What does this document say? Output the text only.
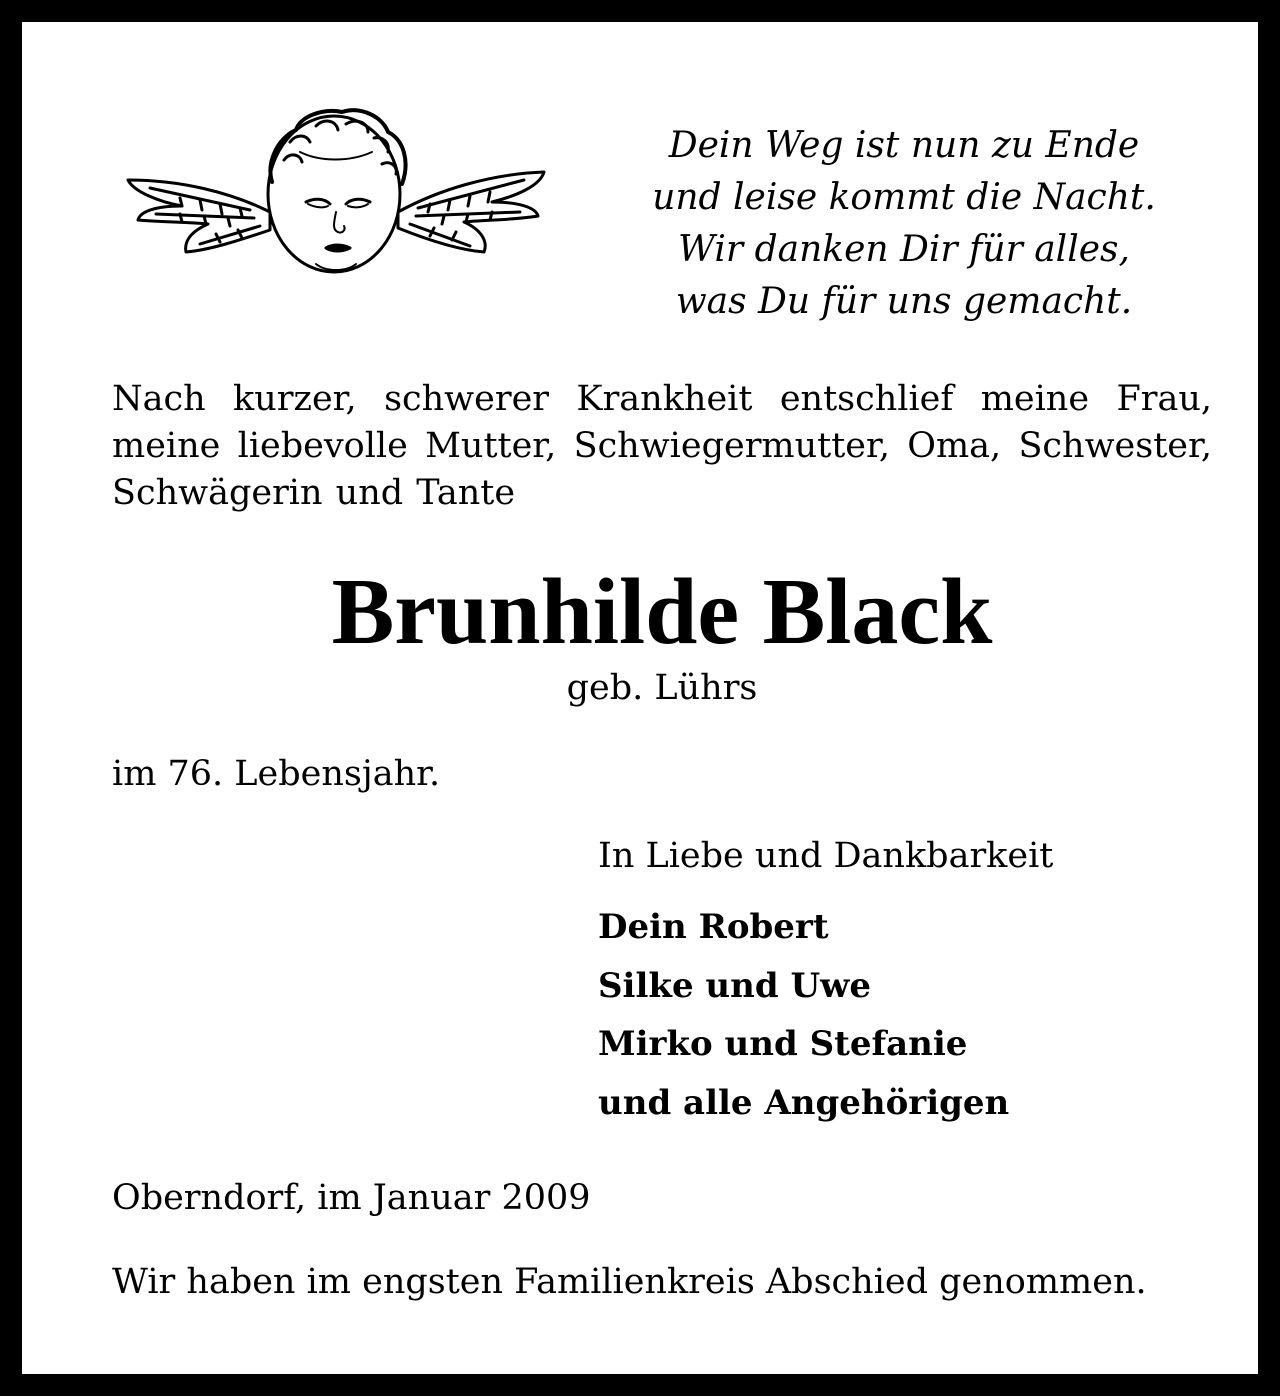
Dein Weg ist nun zu Ende
und leise kommt die Nacht.
Wir danken Dir für alles,
was Du für uns gemacht.
Nach kurzer, schwerer Krankheit entschlief meine Frau, meine liebevolle Mutter, Schwiegermutter, Oma, Schwester, Schwägerin und Tante
Brunhilde Black
geb. Lührs
im 76. Lebensjahr.
In Liebe und Dankbarkeit
Dein Robert
Silke und Uwe
Mirko und Stefanie
und alle Angehörigen
Oberndorf, im Januar 2009
Wir haben im engsten Familienkreis Abschied genommen.
